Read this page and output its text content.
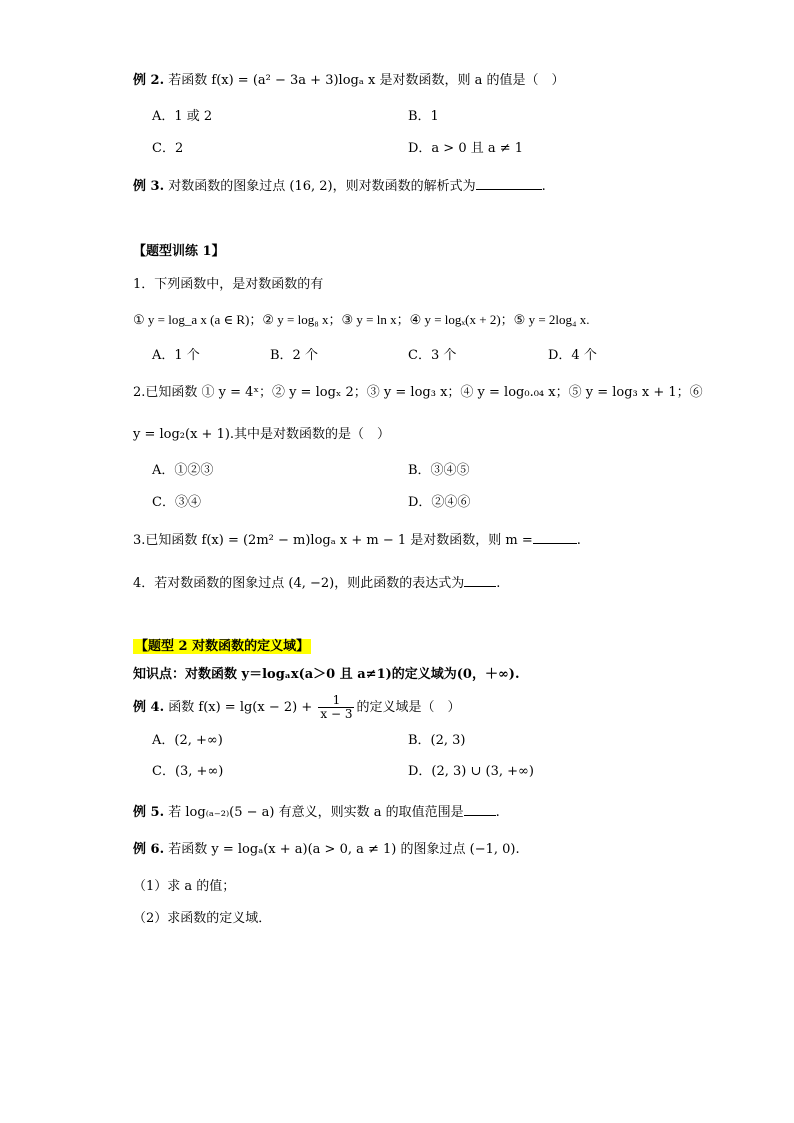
例 2. 若函数 f(x) = (a² − 3a + 3)logₐ x 是对数函数，则 a 的值是（　）
A．1 或 2	B．1
C．2	D．a > 0 且 a ≠ 1
例 3. 对数函数的图象过点 (16, 2)，则对数函数的解析式为	.
【题型训练 1】
1．下列函数中，是对数函数的有
① y = log_a x (a ∈ R)；② y = log₈ x；③ y = ln x；④ y = logₓ(x + 2)；⑤ y = 2log₄ x.
A．1 个	B．2 个	C．3 个	D．4 个
2.已知函数 ① y = 4ˣ；② y = logₓ 2；③ y = log₃ x；④ y = log₀.₀₄ x；⑤ y = log₃ x + 1；⑥
y = log₂(x + 1).其中是对数函数的是（　）
A．①②③	B．③④⑤
C．③④	D．②④⑥
3.已知函数 f(x) = (2m² − m)logₐ x + m − 1 是对数函数，则 m =	.
4．若对数函数的图象过点 (4, −2)，则此函数的表达式为 .
【题型 2 对数函数的定义域】
知识点：对数函数 y＝logₐx(a＞0 且 a≠1)的定义域为(0，＋∞).
例 4. 函数 $f(x) = \lg(x - 2) + \frac{1}{x - 3}$ 的定义域是（　）
A．(2, +∞)	B．(2, 3)
C．(3, +∞)	D．(2, 3) ∪ (3, +∞)
例 5. 若 log₍ₐ₋₂₎(5 − a) 有意义，则实数 a 的取值范围是 .
例 6. 若函数 y = logₐ(x + a)(a > 0, a ≠ 1) 的图象过点 (−1, 0).
（1）求 a 的值；
（2）求函数的定义域．
